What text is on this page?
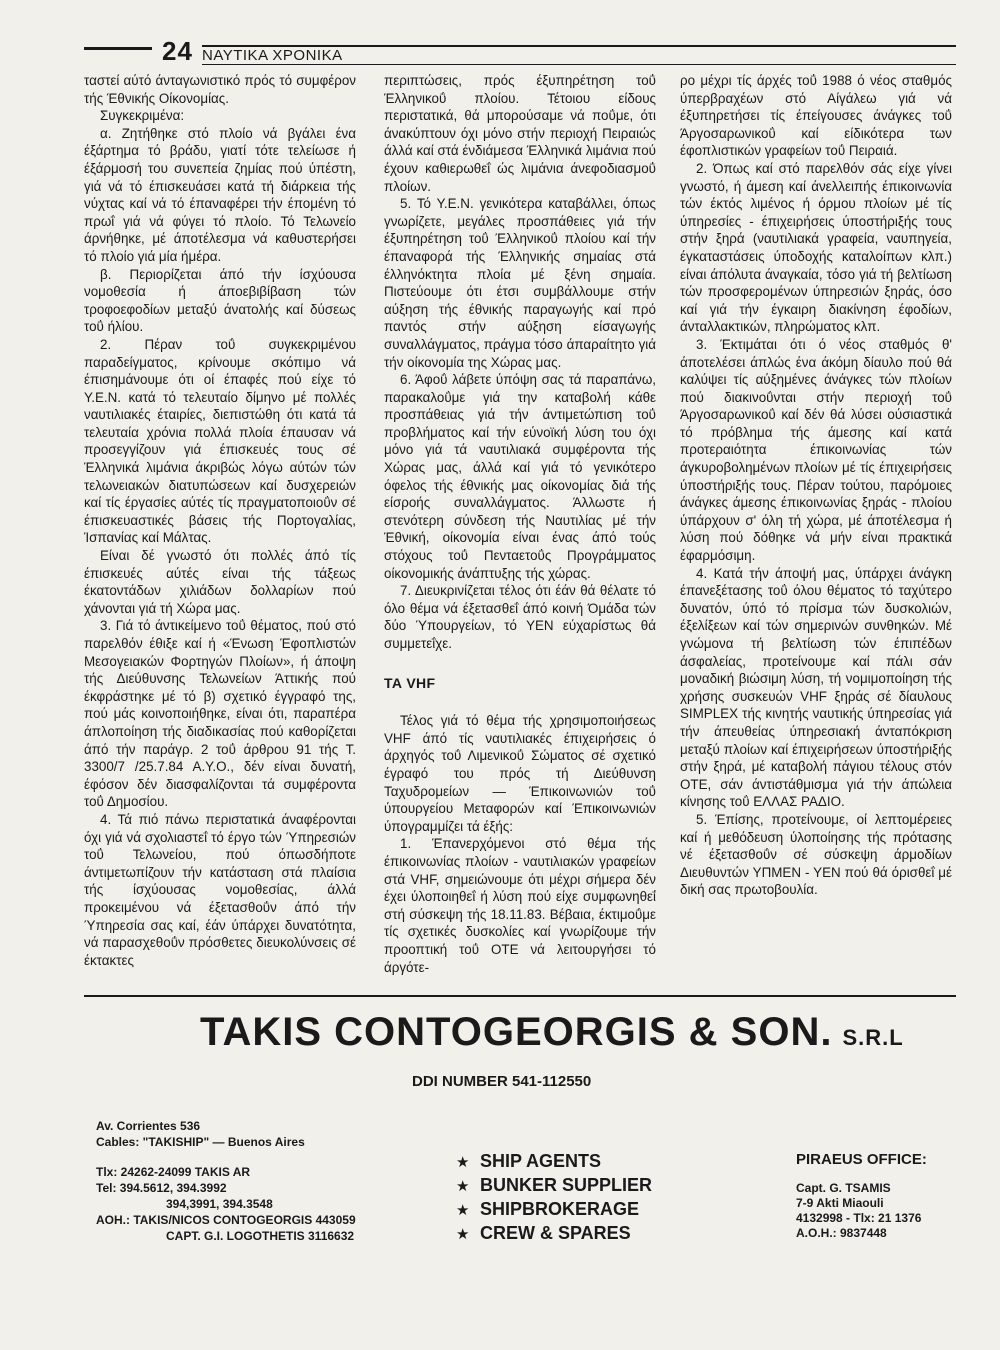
24 ΝΑΥΤΙΚΑ ΧΡΟΝΙΚΑ

ταστεί αύτό άνταγωνιστικό πρός τό συμφέρον τής Έθνικής Οίκονομίας.

Συγκεκριμένα:

α. Ζητήθηκε στό πλοίο νά βγάλει ένα έξάρτημα τό βράδυ, γιατί τότε τελείωσε ή έξάρμοσή του συνεπεία ζημίας πού ύπέστη, γιά νά τό έπισκευάσει κατά τή διάρκεια τής νύχτας καί νά τό έπαναφέρει τήν έπομένη τό πρωΐ γιά νά φύγει τό πλοίο. Τό Τελωνείο άρνήθηκε, μέ άποτέλεσμα νά καθυστερήσει τό πλοίο γιά μία ήμέρα.

β. Περιορίζεται άπό τήν ίσχύουσα νομοθεσία ή άποεβιβίβαση τών τροφοεφοδίων μεταξύ άνατολής καί δύσεως τοΰ ήλίου.

2. Πέραν τοΰ συγκεκριμένου παραδείγματος, κρίνουμε σκόπιμο νά έπισημάνουμε ότι οί έπαφές πού είχε τό Υ.Ε.Ν. κατά τό τελευταίο δίμηνο μέ πολλές ναυτιλιακές έταιρίες, διεπιστώθη ότι κατά τά τελευταία χρόνια πολλά πλοία έπαυσαν νά προσεγγίζουν γιά έπισκευές τους σέ Έλληνικά λιμάνια άκριβώς λόγω αύτών τών τελωνειακών διατυπώσεων καί δυσχερειών καί τίς έργασίες αύτές τίς πραγματοποιοΰν σέ έπισκευαστικές βάσεις τής Πορτογαλίας, Ίσπανίας καί Μάλτας.

Είναι δέ γνωστό ότι πολλές άπό τίς έπισκευές αύτές είναι τής τάξεως έκατοντάδων χιλιάδων δολλαρίων πού χάνονται γιά τή Χώρα μας.

3. Γιά τό άντικείμενο τοΰ θέματος, πού στό παρελθόν έθιξε καί ή «Ένωση Έφοπλιστών Μεσογειακών Φορτηγών Πλοίων», ή άποψη τής Διεύθυνσης Τελωνείων Άττικής πού έκφράστηκε μέ τό β) σχετικό έγγραφό της, πού μάς κοινοποιήθηκε, είναι ότι, παραπέρα άπλοποίηση τής διαδικασίας πού καθορίζεται άπό τήν παράγρ. 2 τοΰ άρθρου 91 τής Τ. 3300/7 /25.7.84 Α.Υ.Ο., δέν είναι δυνατή, έφόσον δέν διασφαλίζονται τά συμφέροντα τοΰ Δημοσίου.

4. Τά πιό πάνω περιστατικά άναφέρονται όχι γιά νά σχολιαστεΐ τό έργο τών Ύπηρεσιών τοΰ Τελωνείου, πού όπωσδήποτε άντιμετωπίζουν τήν κατάσταση στά πλαίσια τής ίσχύουσας νομοθεσίας, άλλά προκειμένου νά έξετασθοΰν άπό τήν Ύπηρεσία σας καί, έάν ύπάρχει δυνατότητα, νά παρασχεθοΰν πρόσθετες διευκολύνσεις σέ έκτακτες

περιπτώσεις, πρός έξυπηρέτηση τοΰ Έλληνικοΰ πλοίου. Τέτοιου είδους περιστατικά, θά μπορούσαμε νά ποΰμε, ότι άνακύπτουν όχι μόνο στήν περιοχή Πειραιώς άλλά καί στά ένδιάμεσα Έλληνικά λιμάνια πού έχουν καθιερωθεΐ ώς λιμάνια άνεφοδιασμοΰ πλοίων.

5. Τό Υ.Ε.Ν. γενικότερα καταβάλλει, όπως γνωρίζετε, μεγάλες προσπάθειες γιά τήν έξυπηρέτηση τοΰ Έλληνικοΰ πλοίου καί τήν έπαναφορά τής Έλληνικής σημαίας στά έλληνόκτητα πλοία μέ ξένη σημαία. Πιστεύουμε ότι έτσι συμβάλλουμε στήν αύξηση τής έθνικής παραγωγής καί πρό παντός στήν αύξηση είσαγωγής συναλλάγματος, πράγμα τόσο άπαραίτητο γιά τήν οίκονομία της Χώρας μας.

6. Άφοΰ λάβετε ύπόψη σας τά παραπάνω, παρακαλοΰμε γιά την καταβολή κάθε προσπάθειας γιά τήν άντιμετώπιση τοΰ προβλήματος καί τήν εύνοϊκή λύση του όχι μόνο γιά τά ναυτιλιακά συμφέροντα τής Χώρας μας, άλλά καί γιά τό γενικότερο όφελος τής έθνικής μας οίκονομίας διά τής είσροής συναλλάγματος. Άλλωστε ή στενότερη σύνδεση τής Ναυτιλίας μέ τήν Έθνική, οίκονομία είναι ένας άπό τούς στόχους τοΰ Πενταετοΰς Προγράμματος οίκονομικής άνάπτυξης τής χώρας.

7. Διευκρινίζεται τέλος ότι έάν θά θέλατε τό όλο θέμα νά έξετασθεΐ άπό κοινή Όμάδα τών δύο Ύπουργείων, τό ΥΕΝ εύχαρίστως θά συμμετεΐχε.

ΤΑ VHF

Τέλος γιά τό θέμα τής χρησιμοποιήσεως VHF άπό τίς ναυτιλιακές έπιχειρήσεις ό άρχηγός τοΰ Λιμενικοΰ Σώματος σέ σχετικό έγραφό του πρός τή Διεύθυνση Ταχυδρομείων — Έπικοινωνιών τοΰ ύπουργείου Μεταφορών καί Έπικοινωνιών ύπογραμμίζει τά έξής:

1. Έπανερχόμενοι στό θέμα τής έπικοινωνίας πλοίων - ναυτιλιακών γραφείων στά VHF, σημειώνουμε ότι μέχρι σήμερα δέν έχει ύλοποιηθεΐ ή λύση πού είχε συμφωνηθεΐ στή σύσκεψη τής 18.11.83. Βέβαια, έκτιμοΰμε τίς σχετικές δυσκολίες καί γνωρίζουμε τήν προοπτική τοΰ ΟΤΕ νά λειτουργήσει τό άργότε-

ρο μέχρι τίς άρχές τοΰ 1988 ό νέος σταθμός ύπερβραχέων στό Αίγάλεω γιά νά έξυπηρετήσει τίς έπείγουσες άνάγκες τοΰ Άργοσαρωνικοΰ καί είδικότερα των έφοπλιστικών γραφείων τοΰ Πειραιά.

2. Όπως καί στό παρελθόν σάς είχε γίνει γνωστό, ή άμεση καί άνελλειπής έπικοινωνία τών έκτός λιμένος ή όρμου πλοίων μέ τίς ύπηρεσίες - έπιχειρήσεις ύποστήριξής τους στήν ξηρά (ναυτιλιακά γραφεία, ναυπηγεία, έγκαταστάσεις ύποδοχής καταλοίπων κλπ.) είναι άπόλυτα άναγκαία, τόσο γιά τή βελτίωση τών προσφερομένων ύπηρεσιών ξηράς, όσο καί γιά τήν έγκαιρη διακίνηση έφοδίων, άνταλλακτικών, πληρώματος κλπ.

3. Έκτιμάται ότι ό νέος σταθμός θ' άποτελέσει άπλώς ένα άκόμη δίαυλο πού θά καλύψει τίς αύξημένες άνάγκες τών πλοίων πού διακινοΰνται στήν περιοχή τοΰ Άργοσαρωνικοΰ καί δέν θά λύσει ούσιαστικά τό πρόβλημα τής άμεσης καί κατά προτεραιότητα έπικοινωνίας τών άγκυροβολημένων πλοίων μέ τίς έπιχειρήσεις ύποστήριξής τους. Πέραν τούτου, παρόμοιες άνάγκες άμεσης έπικοινωνίας ξηράς - πλοίου ύπάρχουν σ' όλη τή χώρα, μέ άποτέλεσμα ή λύση πού δόθηκε νά μήν είναι πρακτικά έφαρμόσιμη.

4. Κατά τήν άποψή μας, ύπάρχει άνάγκη έπανεξέτασης τοΰ όλου θέματος τό ταχύτερο δυνατόν, ύπό τό πρίσμα τών δυσκολιών, έξελίξεων καί τών σημερινών συνθηκών. Μέ γνώμονα τή βελτίωση τών έπιπέδων άσφαλείας, προτείνουμε καί πάλι σάν μοναδική βιώσιμη λύση, τή νομιμοποίηση τής χρήσης συσκευών VHF ξηράς σέ δίαυλους SIMPLEX τής κινητής ναυτικής ύπηρεσίας γιά τήν άπευθείας ύπηρεσιακή άνταπόκριση μεταξύ πλοίων καί έπιχειρήσεων ύποστήριξής στήν ξηρά, μέ καταβολή πάγιου τέλους στόν ΟΤΕ, σάν άντιστάθμισμα γιά τήν άπώλεια κίνησης τοΰ ΕΛΛΑΣ ΡΑΔΙΟ.

5. Έπίσης, προτείνουμε, οί λεπτομέρειες καί ή μεθόδευση ύλοποίησης τής πρότασης νέ έξετασθοΰν σέ σύσκεψη άρμοδίων Διευθυντών ΥΠΜΕΝ - ΥΕΝ πού θά όρισθεΐ μέ δική σας πρωτοβουλία.

TAKIS CONTOGEORGIS & SON. S.R.L
DDI NUMBER 541-112550
Av. Corrientes 536
Cables: "TAKISHIP" — Buenos Aires
Tlx: 24262-24099 TAKIS AR
Tel: 394.5612, 394.3992
394,3991, 394.3548
AOH.: TAKIS/NICOS CONTOGEORGIS 443059
CAPT. G.I. LOGOTHETIS 3116632
★ SHIP AGENTS
★ BUNKER SUPPLIER
★ SHIPBROKERAGE
★ CREW & SPARES
PIRAEUS OFFICE:
Capt. G. TSAMIS
7-9 Akti Miaouli
4132998 - Tlx: 21 1376
A.O.H.: 9837448
